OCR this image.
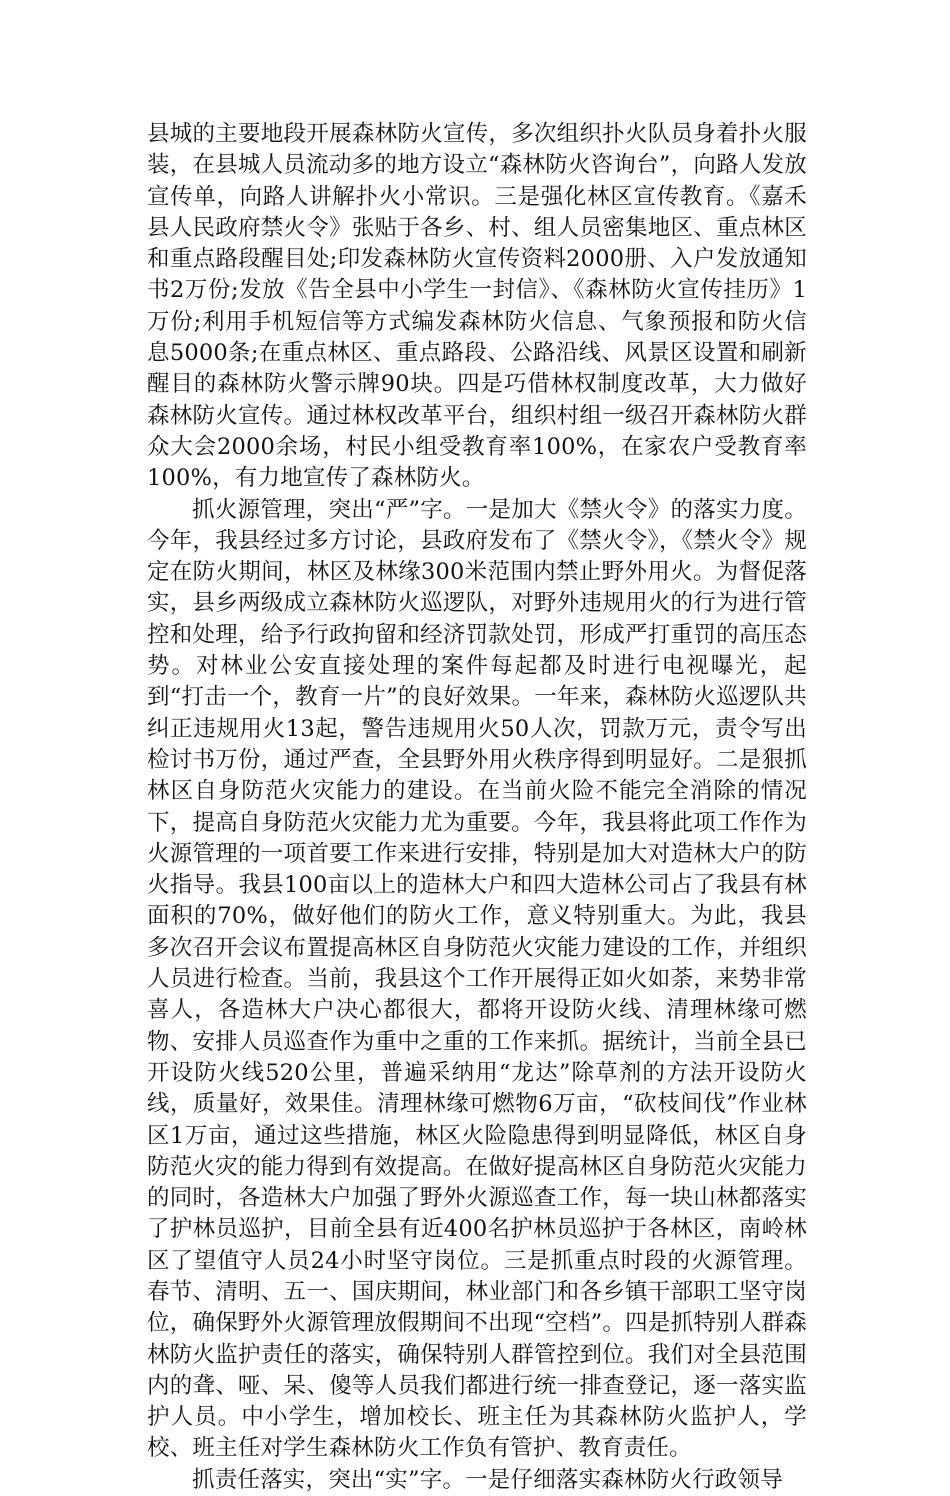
县城的主要地段开展森林防火宣传，多次组织扑火队员身着扑火服装，在县城人员流动多的地方设立“森林防火咨询台”，向路人发放宣传单，向路人讲解扑火小常识。三是强化林区宣传教育。《嘉禾县人民政府禁火令》张贴于各乡、村、组人员密集地区、重点林区和重点路段醒目处;印发森林防火宣传资料2000册、入户发放通知书2万份;发放《告全县中小学生一封信》、《森林防火宣传挂历》1万份;利用手机短信等方式编发森林防火信息、气象预报和防火信息5000条;在重点林区、重点路段、公路沿线、风景区设置和刷新醒目的森林防火警示牌90块。四是巧借林权制度改革，大力做好森林防火宣传。通过林权改革平台，组织村组一级召开森林防火群众大会2000余场，村民小组受教育率100%，在家农户受教育率100%，有力地宣传了森林防火。

抓火源管理，突出“严”字。一是加大《禁火令》的落实力度。今年，我县经过多方讨论，县政府发布了《禁火令》，《禁火令》规定在防火期间，林区及林缘300米范围内禁止野外用火。为督促落实，县乡两级成立森林防火巡逻队，对野外违规用火的行为进行管控和处理，给予行政拘留和经济罚款处罚，形成严打重罚的高压态势。对林业公安直接处理的案件每起都及时进行电视曝光，起到“打击一个，教育一片”的良好效果。一年来，森林防火巡逻队共纠正违规用火13起，警告违规用火50人次，罚款万元，责令写出检讨书万份，通过严查，全县野外用火秩序得到明显好。二是狠抓林区自身防范火灾能力的建设。在当前火险不能完全消除的情况下，提高自身防范火灾能力尤为重要。今年，我县将此项工作作为火源管理的一项首要工作来进行安排，特别是加大对造林大户的防火指导。我县100亩以上的造林大户和四大造林公司占了我县有林面积的70%，做好他们的防火工作，意义特别重大。为此，我县多次召开会议布置提高林区自身防范火灾能力建设的工作，并组织人员进行检查。当前，我县这个工作开展得正如火如荼，来势非常喜人，各造林大户决心都很大，都将开设防火线、清理林缘可燃物、安排人员巡查作为重中之重的工作来抓。据统计，当前全县已开设防火线520公里，普遍采纳用“龙达”除草剂的方法开设防火线，质量好，效果佳。清理林缘可燃物6万亩，“砍枝间伐”作业林区1万亩，通过这些措施，林区火险隐患得到明显降低，林区自身防范火灾的能力得到有效提高。在做好提高林区自身防范火灾能力的同时，各造林大户加强了野外火源巡查工作，每一块山林都落实了护林员巡护，目前全县有近400名护林员巡护于各林区，南岭林区了望值守人员24小时坚守岗位。三是抓重点时段的火源管理。春节、清明、五一、国庆期间，林业部门和各乡镇干部职工坚守岗位，确保野外火源管理放假期间不出现“空档”。四是抓特别人群森林防火监护责任的落实，确保特别人群管控到位。我们对全县范围内的聋、哑、呆、傻等人员我们都进行统一排查登记，逐一落实监护人员。中小学生，增加校长、班主任为其森林防火监护人，学校、班主任对学生森林防火工作负有管护、教育责任。

抓责任落实，突出“实”字。一是仔细落实森林防火行政领导
